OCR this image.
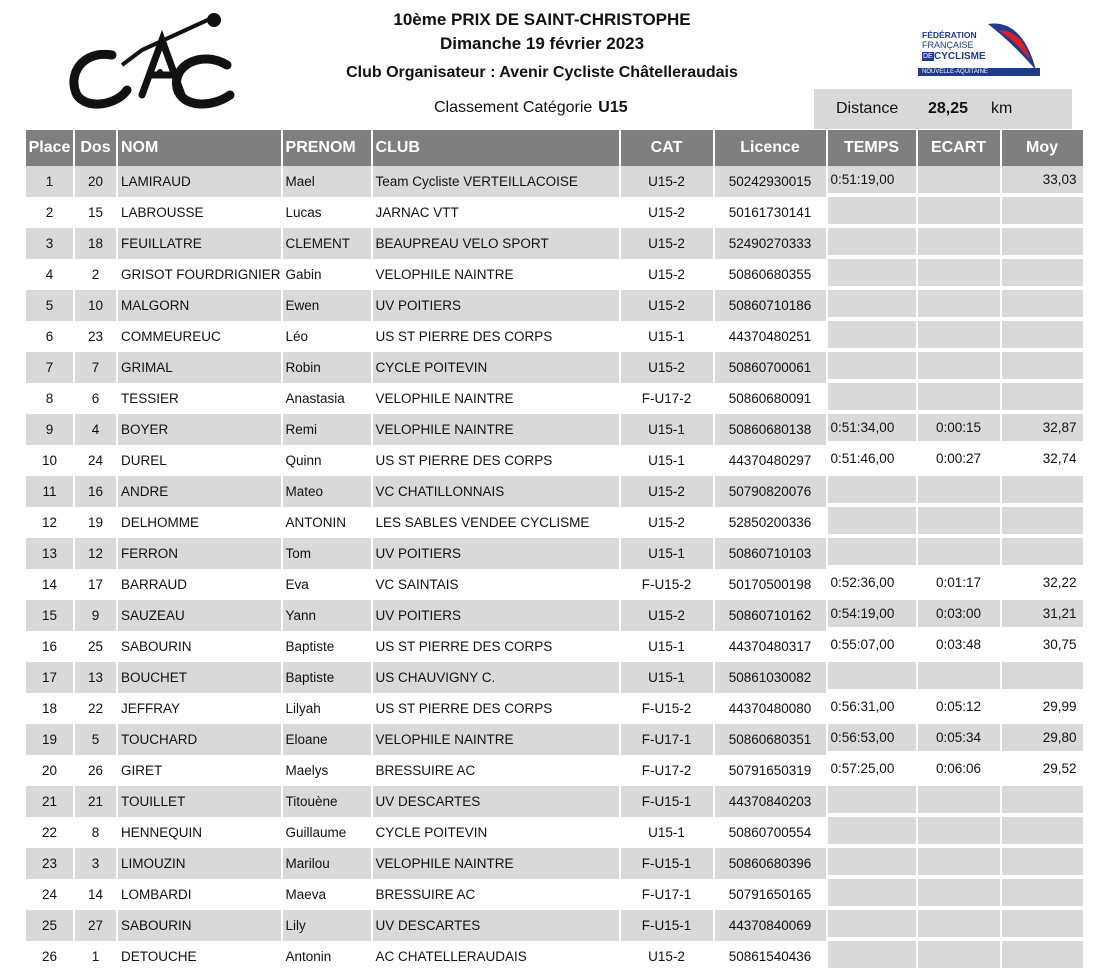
10ème PRIX DE SAINT-CHRISTOPHE
Dimanche 19 février 2023
Club Organisateur : Avenir Cycliste Châtelleraudais
Classement Catégorie U15
FÉDÉRATION
FRANÇAISE
DE CYCLISME
NOUVELLE-AQUITAINE
Distance 28,25 km
Place	Dos	NOM	PRENOM	CLUB	CAT	Licence	TEMPS	ECART	Moy
1	20	LAMIRAUD	Mael	Team Cycliste VERTEILLACOISE	U15-2	50242930015	0:51:19,00		33,03
2	15	LABROUSSE	Lucas	JARNAC VTT	U15-2	50161730141			
3	18	FEUILLATRE	CLEMENT	BEAUPREAU VELO SPORT	U15-2	52490270333			
4	2	GRISOT FOURDRIGNIER	Gabin	VELOPHILE NAINTRE	U15-2	50860680355			
5	10	MALGORN	Ewen	UV POITIERS	U15-2	50860710186			
6	23	COMMEUREUC	Léo	US ST PIERRE DES CORPS	U15-1	44370480251			
7	7	GRIMAL	Robin	CYCLE POITEVIN	U15-2	50860700061			
8	6	TESSIER	Anastasia	VELOPHILE NAINTRE	F-U17-2	50860680091			
9	4	BOYER	Remi	VELOPHILE NAINTRE	U15-1	50860680138	0:51:34,00	0:00:15	32,87
10	24	DUREL	Quinn	US ST PIERRE DES CORPS	U15-1	44370480297	0:51:46,00	0:00:27	32,74
11	16	ANDRE	Mateo	VC CHATILLONNAIS	U15-2	50790820076			
12	19	DELHOMME	ANTONIN	LES SABLES VENDEE CYCLISME	U15-2	52850200336			
13	12	FERRON	Tom	UV POITIERS	U15-1	50860710103			
14	17	BARRAUD	Eva	VC SAINTAIS	F-U15-2	50170500198	0:52:36,00	0:01:17	32,22
15	9	SAUZEAU	Yann	UV POITIERS	U15-2	50860710162	0:54:19,00	0:03:00	31,21
16	25	SABOURIN	Baptiste	US ST PIERRE DES CORPS	U15-1	44370480317	0:55:07,00	0:03:48	30,75
17	13	BOUCHET	Baptiste	US CHAUVIGNY C.	U15-1	50861030082			
18	22	JEFFRAY	Lilyah	US ST PIERRE DES CORPS	F-U15-2	44370480080	0:56:31,00	0:05:12	29,99
19	5	TOUCHARD	Eloane	VELOPHILE NAINTRE	F-U17-1	50860680351	0:56:53,00	0:05:34	29,80
20	26	GIRET	Maelys	BRESSUIRE AC	F-U17-2	50791650319	0:57:25,00	0:06:06	29,52
21	21	TOUILLET	Titouène	UV DESCARTES	F-U15-1	44370840203			
22	8	HENNEQUIN	Guillaume	CYCLE POITEVIN	U15-1	50860700554			
23	3	LIMOUZIN	Marilou	VELOPHILE NAINTRE	F-U15-1	50860680396			
24	14	LOMBARDI	Maeva	BRESSUIRE AC	F-U17-1	50791650165			
25	27	SABOURIN	Lily	UV DESCARTES	F-U15-1	44370840069			
26	1	DETOUCHE	Antonin	AC CHATELLERAUDAIS	U15-2	50861540436			
